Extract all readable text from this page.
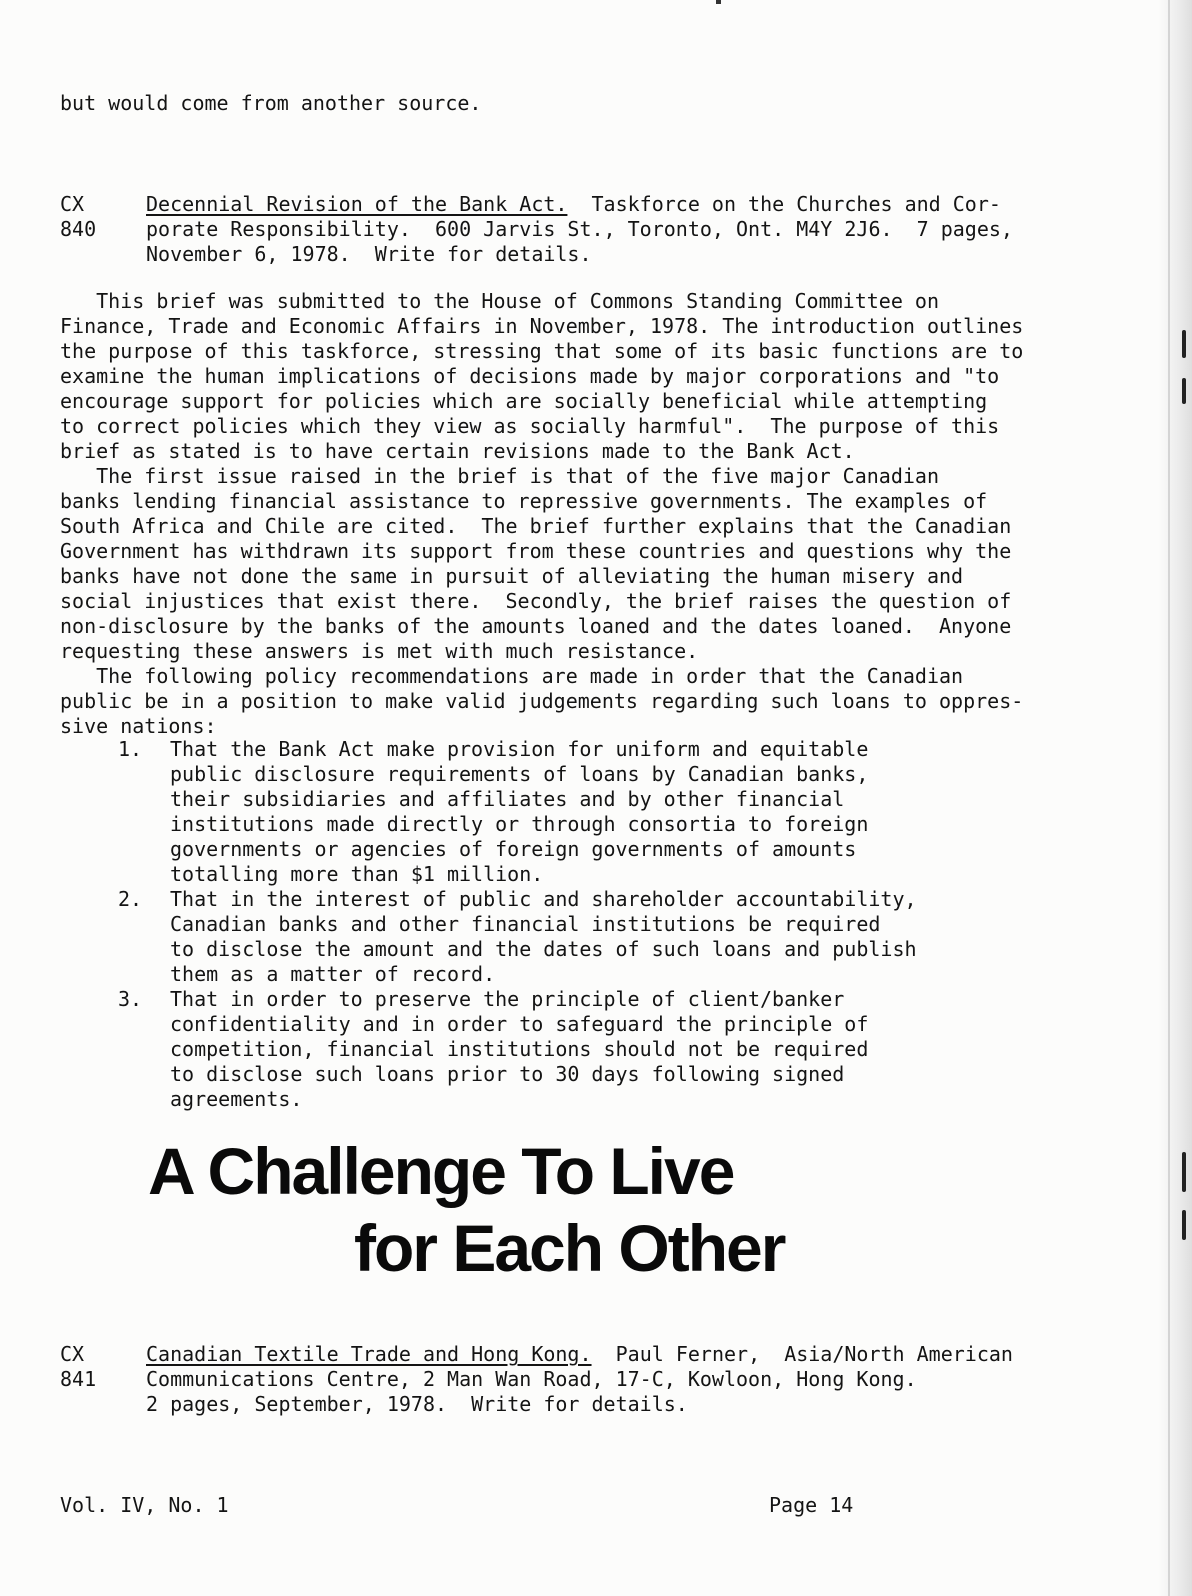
but would come from another source.
CX
840
Decennial Revision of the Bank Act.  Taskforce on the Churches and Cor-
porate Responsibility.  600 Jarvis St., Toronto, Ont. M4Y 2J6.  7 pages,
November 6, 1978.  Write for details.
This brief was submitted to the House of Commons Standing Committee on
Finance, Trade and Economic Affairs in November, 1978. The introduction outlines
the purpose of this taskforce, stressing that some of its basic functions are to
examine the human implications of decisions made by major corporations and "to
encourage support for policies which are socially beneficial while attempting
to correct policies which they view as socially harmful".  The purpose of this
brief as stated is to have certain revisions made to the Bank Act.
The first issue raised in the brief is that of the five major Canadian
banks lending financial assistance to repressive governments. The examples of
South Africa and Chile are cited.  The brief further explains that the Canadian
Government has withdrawn its support from these countries and questions why the
banks have not done the same in pursuit of alleviating the human misery and
social injustices that exist there.  Secondly, the brief raises the question of
non-disclosure by the banks of the amounts loaned and the dates loaned.  Anyone
requesting these answers is met with much resistance.
The following policy recommendations are made in order that the Canadian
public be in a position to make valid judgements regarding such loans to oppres-
sive nations:
1. That the Bank Act make provision for uniform and equitable
public disclosure requirements of loans by Canadian banks,
their subsidiaries and affiliates and by other financial
institutions made directly or through consortia to foreign
governments or agencies of foreign governments of amounts
totalling more than $1 million.
2. That in the interest of public and shareholder accountability,
Canadian banks and other financial institutions be required
to disclose the amount and the dates of such loans and publish
them as a matter of record.
3. That in order to preserve the principle of client/banker
confidentiality and in order to safeguard the principle of
competition, financial institutions should not be required
to disclose such loans prior to 30 days following signed
agreements.
A Challenge To Live
for Each Other
CX
841
Canadian Textile Trade and Hong Kong.  Paul Ferner,  Asia/North American
Communications Centre, 2 Man Wan Road, 17-C, Kowloon, Hong Kong.
2 pages, September, 1978.  Write for details.
Vol. IV, No. 1	Page 14
